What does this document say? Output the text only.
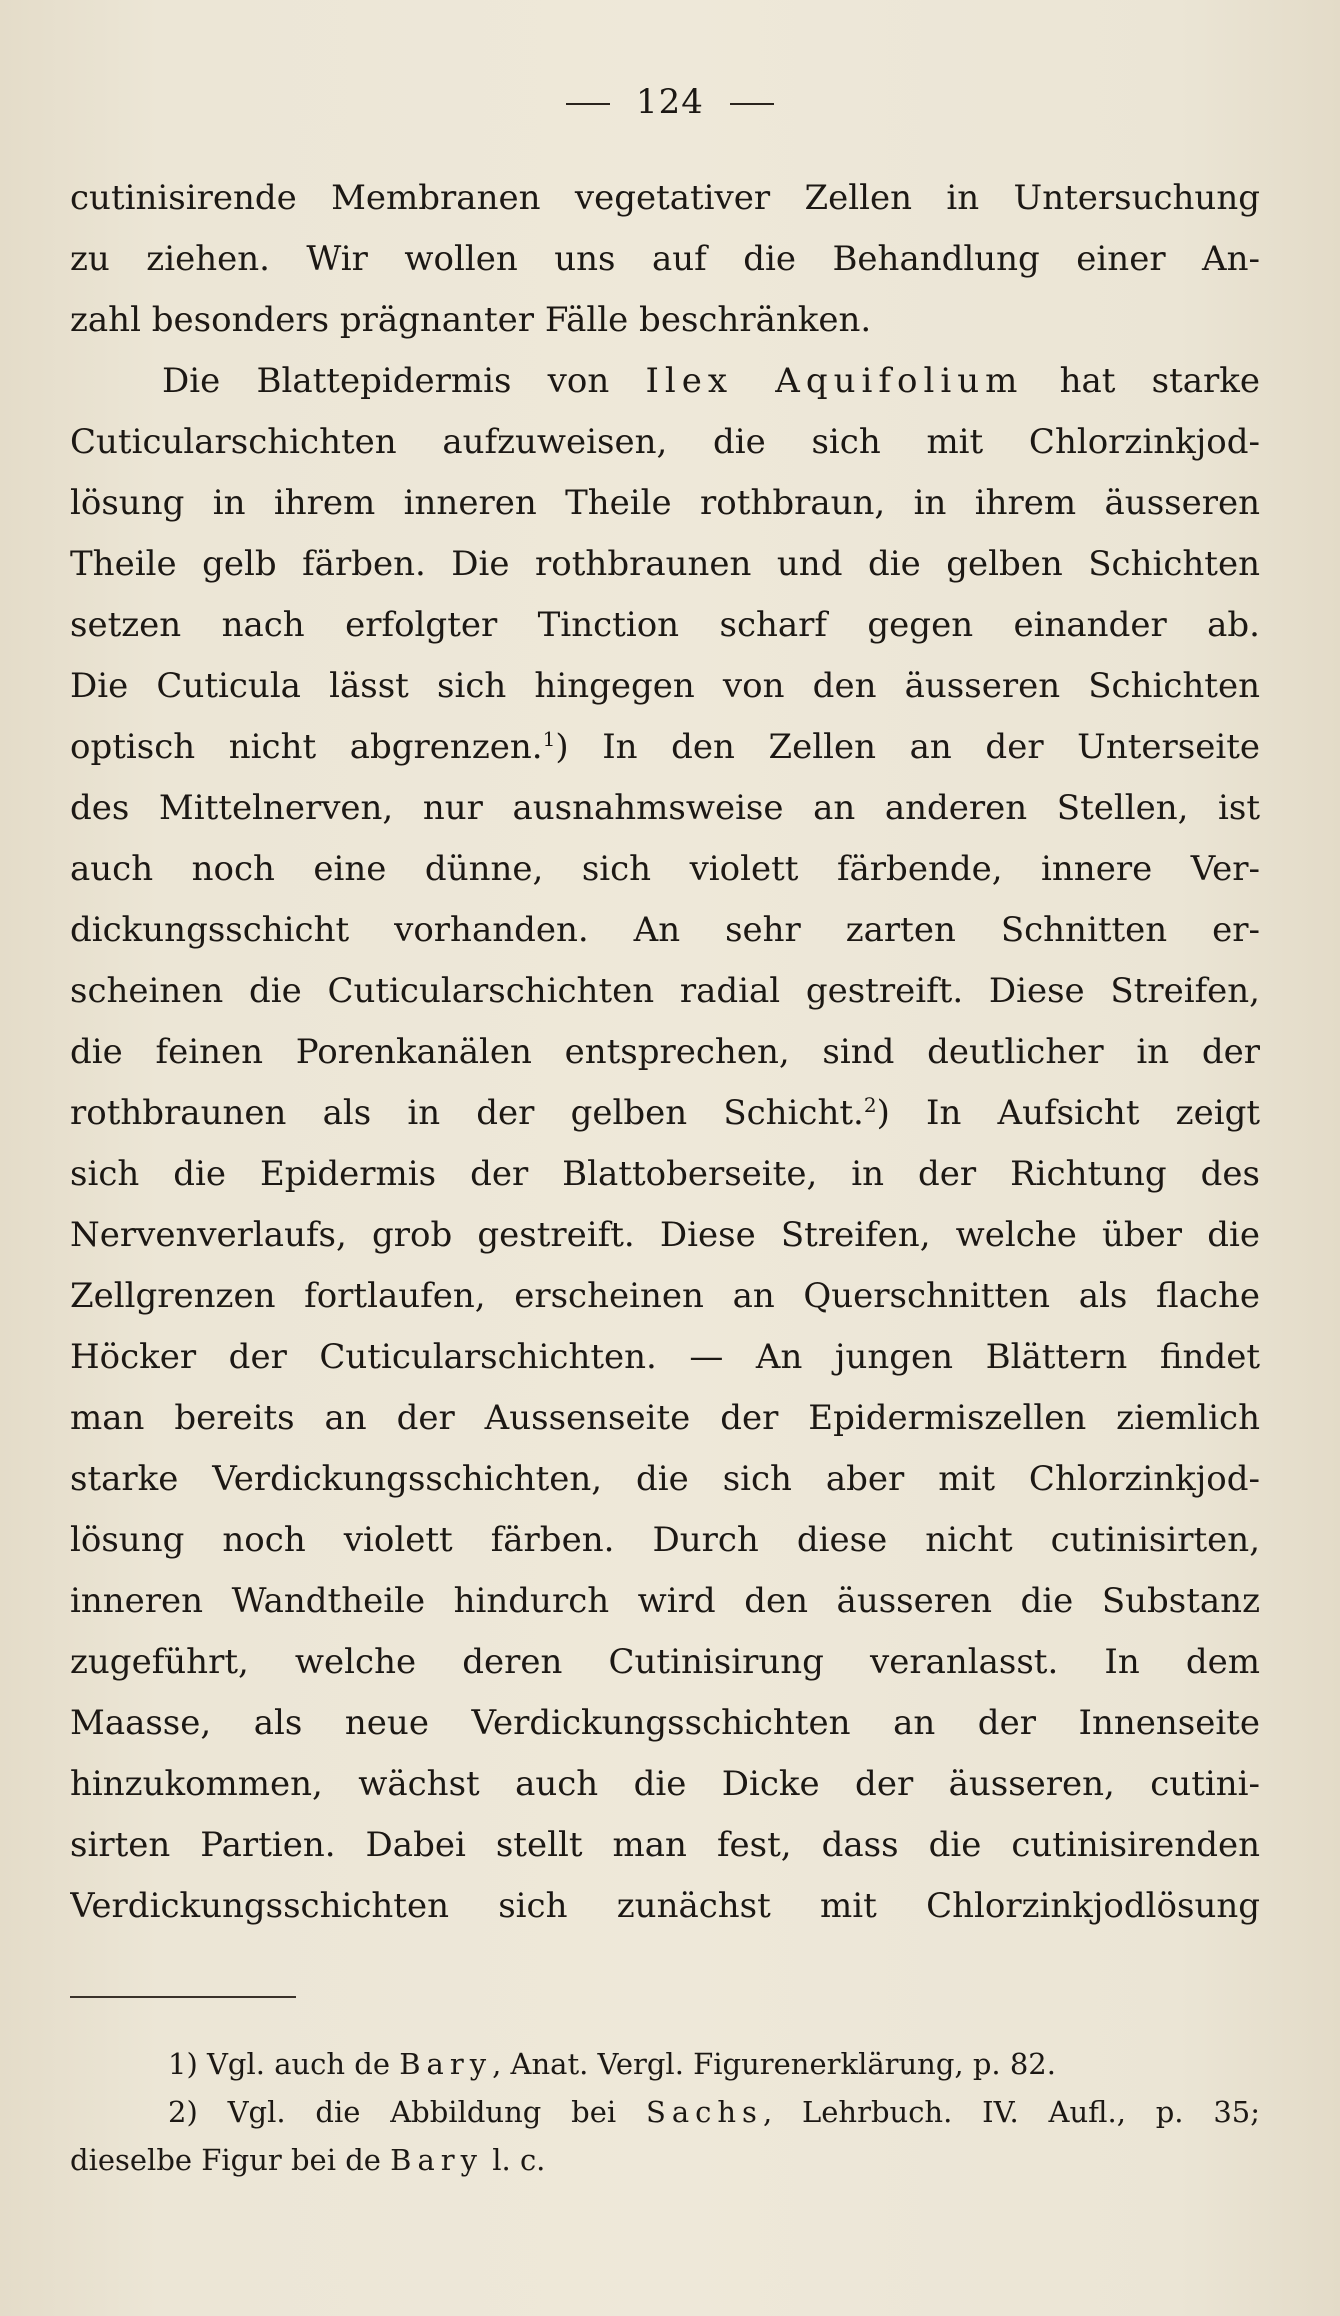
124
cutinisirende Membranen vegetativer Zellen in Untersuchung
zu ziehen. Wir wollen uns auf die Behandlung einer An-
zahl besonders prägnanter Fälle beschränken.
Die Blattepidermis von Ilex Aquifolium hat starke
Cuticularschichten aufzuweisen, die sich mit Chlorzinkjod-
lösung in ihrem inneren Theile rothbraun, in ihrem äusseren
Theile gelb färben. Die rothbraunen und die gelben Schichten
setzen nach erfolgter Tinction scharf gegen einander ab.
Die Cuticula lässt sich hingegen von den äusseren Schichten
optisch nicht abgrenzen.$^1$) In den Zellen an der Unterseite
des Mittelnerven, nur ausnahmsweise an anderen Stellen, ist
auch noch eine dünne, sich violett färbende, innere Ver-
dickungsschicht vorhanden. An sehr zarten Schnitten er-
scheinen die Cuticularschichten radial gestreift. Diese Streifen,
die feinen Porenkanälen entsprechen, sind deutlicher in der
rothbraunen als in der gelben Schicht.$^2$) In Aufsicht zeigt
sich die Epidermis der Blattoberseite, in der Richtung des
Nervenverlaufs, grob gestreift. Diese Streifen, welche über die
Zellgrenzen fortlaufen, erscheinen an Querschnitten als flache
Höcker der Cuticularschichten. — An jungen Blättern findet
man bereits an der Aussenseite der Epidermiszellen ziemlich
starke Verdickungsschichten, die sich aber mit Chlorzinkjod-
lösung noch violett färben. Durch diese nicht cutinisirten,
inneren Wandtheile hindurch wird den äusseren die Substanz
zugeführt, welche deren Cutinisirung veranlasst. In dem
Maasse, als neue Verdickungsschichten an der Innenseite
hinzukommen, wächst auch die Dicke der äusseren, cutini-
sirten Partien. Dabei stellt man fest, dass die cutinisirenden
Verdickungsschichten sich zunächst mit Chlorzinkjodlösung
1) Vgl. auch de Bary, Anat. Vergl. Figurenerklärung, p. 82.
2) Vgl. die Abbildung bei Sachs, Lehrbuch. IV. Aufl., p. 35;
dieselbe Figur bei de Bary l. c.
